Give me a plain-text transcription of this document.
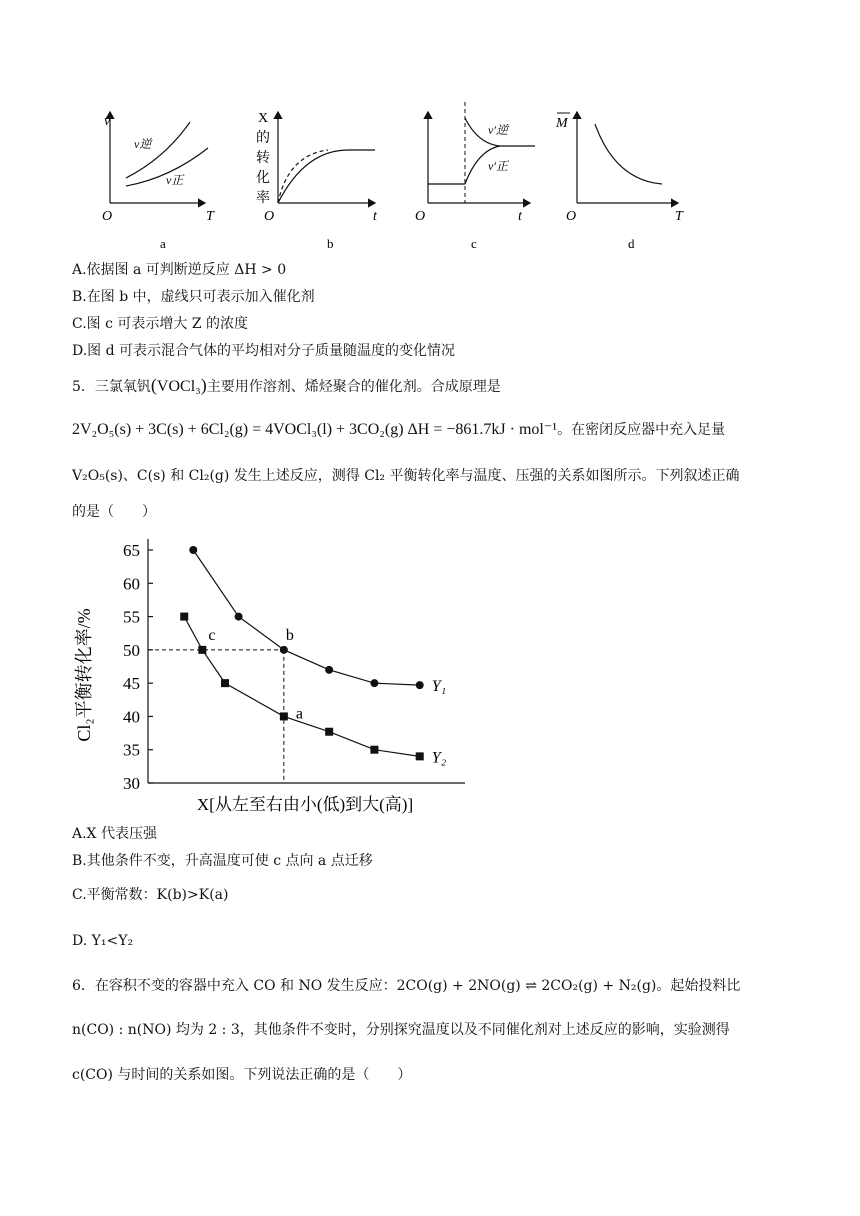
v
T
O
v逆
v正
a
X
的
转
化
率
t
O
b
v′逆
v′正
t
O
c
M
T
O
d
A.依据图 a 可判断逆反应 ΔH > 0
B.在图 b 中，虚线只可表示加入催化剂
C.图 c 可表示增大 Z 的浓度
D.图 d 可表示混合气体的平均相对分子质量随温度的变化情况
5．三氯氧钒(VOCl₃)主要用作溶剂、烯烃聚合的催化剂。合成原理是
2V₂O₅(s) + 3C(s) + 6Cl₂(g) = 4VOCl₃(l) + 3CO₂(g) ΔH = −861.7kJ · mol⁻¹。在密闭反应器中充入足量
V₂O₅(s)、C(s) 和 Cl₂(g) 发生上述反应，测得 Cl₂ 平衡转化率与温度、压强的关系如图所示。下列叙述正确
的是（　　）
30
35
40
45
50
55
60
65
Y₁
Y₂
c	b
a
Cl₂平衡转化率/%
X[从左至右由小(低)到大(高)]
A.X 代表压强
B.其他条件不变，升高温度可使 c 点向 a 点迁移
C.平衡常数：K(b)>K(a)
D. Y₁<Y₂
6．在容积不变的容器中充入 CO 和 NO 发生反应：2CO(g) + 2NO(g) ⇌ 2CO₂(g) + N₂(g)。起始投料比
n(CO) : n(NO) 均为 2 : 3，其他条件不变时，分别探究温度以及不同催化剂对上述反应的影响，实验测得
c(CO) 与时间的关系如图。下列说法正确的是（　　）
